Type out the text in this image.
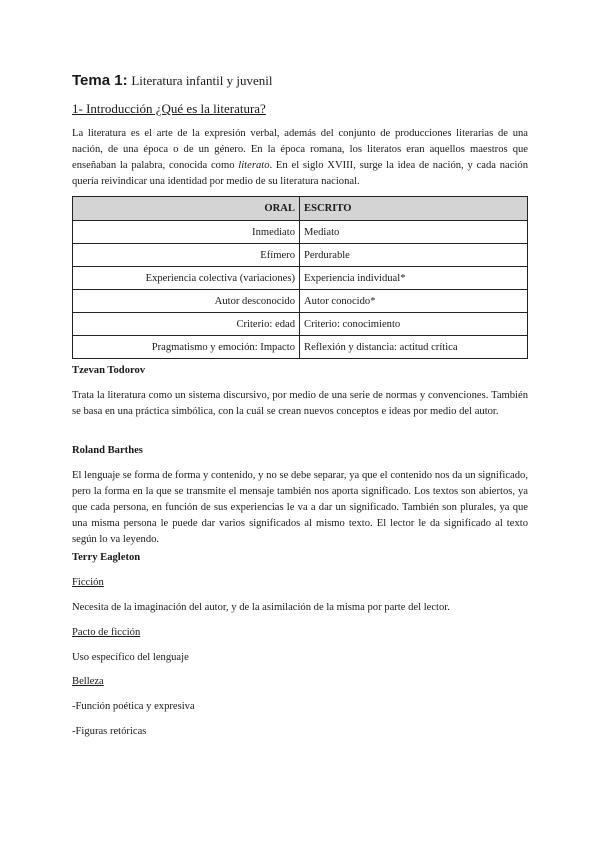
Tema 1: Literatura infantil y juvenil
1- Introducción ¿Qué es la literatura?
La literatura es el arte de la expresión verbal, además del conjunto de producciones literarias de una nación, de una época o de un género. En la época romana, los literatos eran aquellos maestros que enseñaban la palabra, conocida como literato. En el siglo XVIII, surge la idea de nación, y cada nación quería reivindicar una identidad por medio de su literatura nacional.
ORAL	ESCRITO
Inmediato	Mediato
Efímero	Perdurable
Experiencia colectiva (variaciones)	Experiencia individual*
Autor desconocido	Autor conocido*
Criterio: edad	Criterio: conocimiento
Pragmatismo y emoción: Impacto	Reflexión y distancia: actitud crítica
Tzevan Todorov
Trata la literatura como un sistema discursivo, por medio de una serie de normas y convenciones. También se basa en una práctica simbólica, con la cuál se crean nuevos conceptos e ideas por medio del autor.
Roland Barthes
El lenguaje se forma de forma y contenido, y no se debe separar, ya que el contenido nos da un significado, pero la forma en la que se transmite el mensaje también nos aporta significado. Los textos son abiertos, ya que cada persona, en función de sus experiencias le va a dar un significado. También son plurales, ya que una misma persona le puede dar varios significados al mismo texto. El lector le da significado al texto según lo va leyendo.
Terry Eagleton
Ficción
Necesita de la imaginación del autor, y de la asimilación de la misma por parte del lector.
Pacto de ficción
Uso específico del lenguaje
Belleza
-Función poética y expresiva
-Figuras retóricas
